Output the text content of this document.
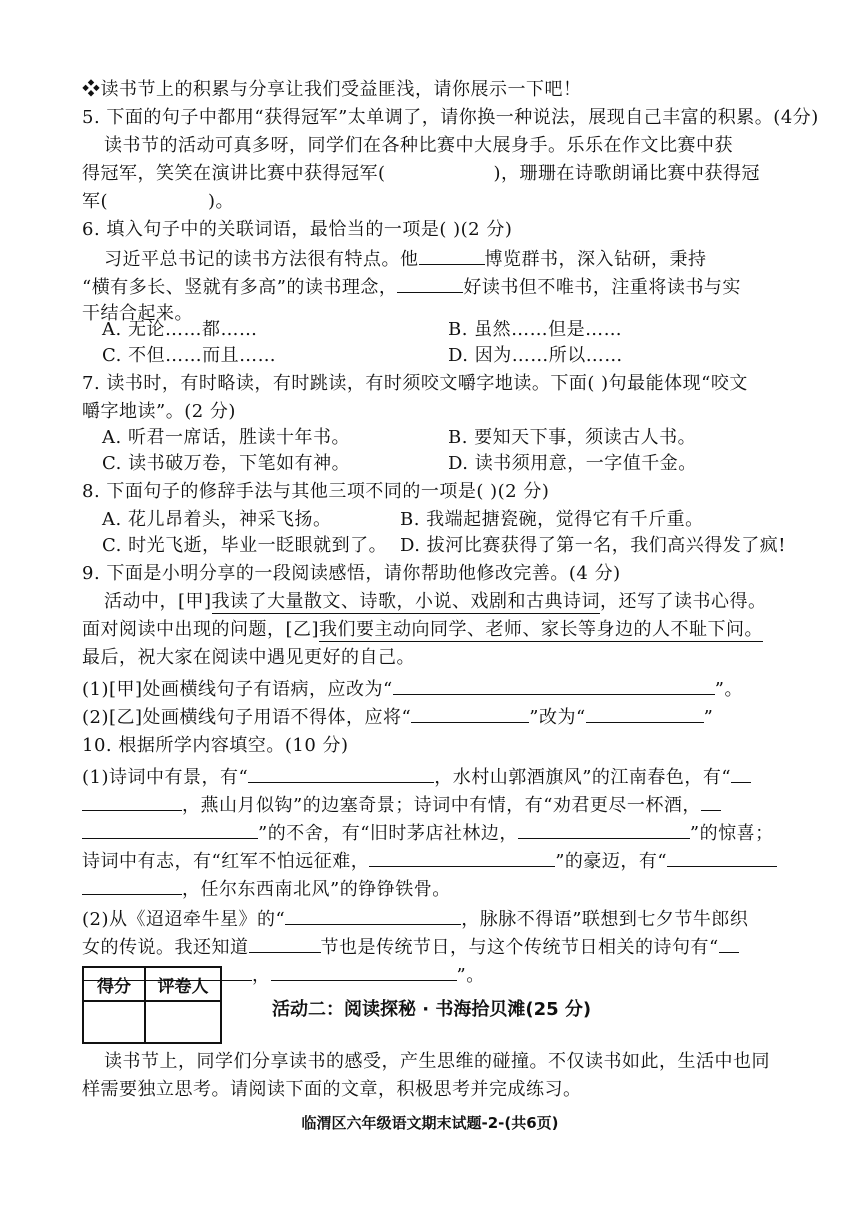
❖读书节上的积累与分享让我们受益匪浅，请你展示一下吧！
5. 下面的句子中都用“获得冠军”太单调了，请你换一种说法，展现自己丰富的积累。(4分)
读书节的活动可真多呀，同学们在各种比赛中大展身手。乐乐在作文比赛中获
得冠军，笑笑在演讲比赛中获得冠军(	)，珊珊在诗歌朗诵比赛中获得冠
军(	)。
6. 填入句子中的关联词语，最恰当的一项是( )(2 分)
习近平总书记的读书方法很有特点。他	博览群书，深入钻研，秉持
“横有多长、竖就有多高”的读书理念，	好读书但不唯书，注重将读书与实
干结合起来。
A. 无论……都……	B. 虽然……但是……
C. 不但……而且……	D. 因为……所以……
7. 读书时，有时略读，有时跳读，有时须咬文嚼字地读。下面( )句最能体现“咬文
嚼字地读”。(2 分)
A. 听君一席话，胜读十年书。	B. 要知天下事，须读古人书。
C. 读书破万卷，下笔如有神。	D. 读书须用意，一字值千金。
8. 下面句子的修辞手法与其他三项不同的一项是( )(2 分)
A. 花儿昂着头，神采飞扬。	B. 我端起搪瓷碗，觉得它有千斤重。
C. 时光飞逝，毕业一眨眼就到了。 D. 拔河比赛获得了第一名，我们高兴得发了疯!
9. 下面是小明分享的一段阅读感悟，请你帮助他修改完善。(4 分)
活动中，[甲]我读了大量散文、诗歌，小说、戏剧和古典诗词，还写了读书心得。
面对阅读中出现的问题，[乙]我们要主动向同学、老师、家长等身边的人不耻下问。
最后，祝大家在阅读中遇见更好的自己。
(1)[甲]处画横线句子有语病，应改为“	”。
(2)[乙]处画横线句子用语不得体，应将“	”改为“	”
10. 根据所学内容填空。(10 分)
(1)诗词中有景，有“	，水村山郭酒旗风”的江南春色，有“
，燕山月似钩”的边塞奇景；诗词中有情，有“劝君更尽一杯酒，
”的不舍，有“旧时茅店社林边，	”的惊喜；
诗词中有志，有“红军不怕远征难，	”的豪迈，有“
，任尔东西南北风”的铮铮铁骨。
(2)从《迢迢牵牛星》的“	，脉脉不得语”联想到七夕节牛郎织
女的传说。我还知道	节也是传统节日，与这个传统节日相关的诗句有“
，	”。
得分	评卷人

活动二：阅读探秘 · 书海拾贝滩(25 分)
读书节上，同学们分享读书的感受，产生思维的碰撞。不仅读书如此，生活中也同
样需要独立思考。请阅读下面的文章，积极思考并完成练习。
临渭区六年级语文期末试题-2-(共6页)
